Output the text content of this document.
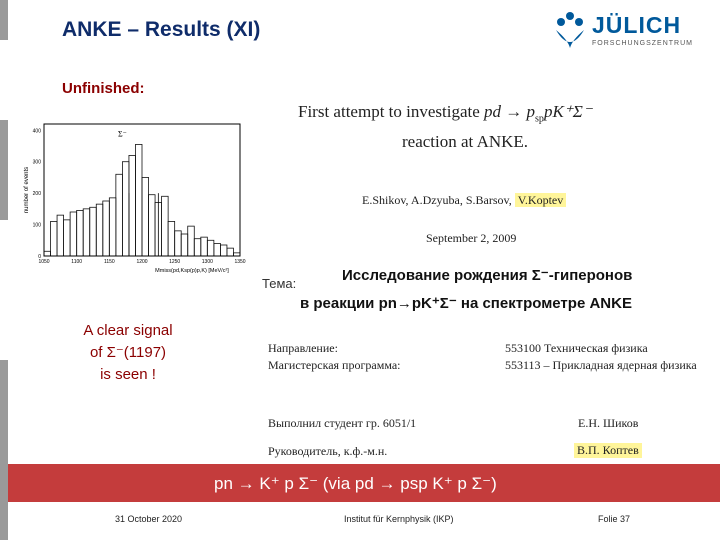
ANKE – Results (XI)	JÜLICH
FORSCHUNGSZENTRUM
Unfinished:
400
300
200
100
0
1050	1100	1150	1200	1250	1300	1350
number of events
Mmiss(pd,Ksp(p)p,K) [MeV/c²]
Σ⁻
First attempt to investigate pd → $p_{sp}pK^+\Sigma^-$
reaction at ANKE.
E.Shikov, A.Dzyuba, S.Barsov, V.Koptev
September 2, 2009
Тема:	Исследование рождения Σ⁻-гиперонов
в реакции pn→pK⁺Σ⁻ на спектрометре ANKE
Направление:	553100 Техническая физика
Магистерская программа:	553113 – Прикладная ядерная физика
Выполнил студент гр. 6051/1	Е.Н. Шиков
Руководитель, к.ф.-м.н.	В.П. Коптев
A clear signal
of Σ⁻(1197)
is seen !
pn → K⁺ p Σ⁻ (via pd → psp K⁺ p Σ⁻)
31 October 2020	Institut für Kernphysik (IKP)	Folie 37
